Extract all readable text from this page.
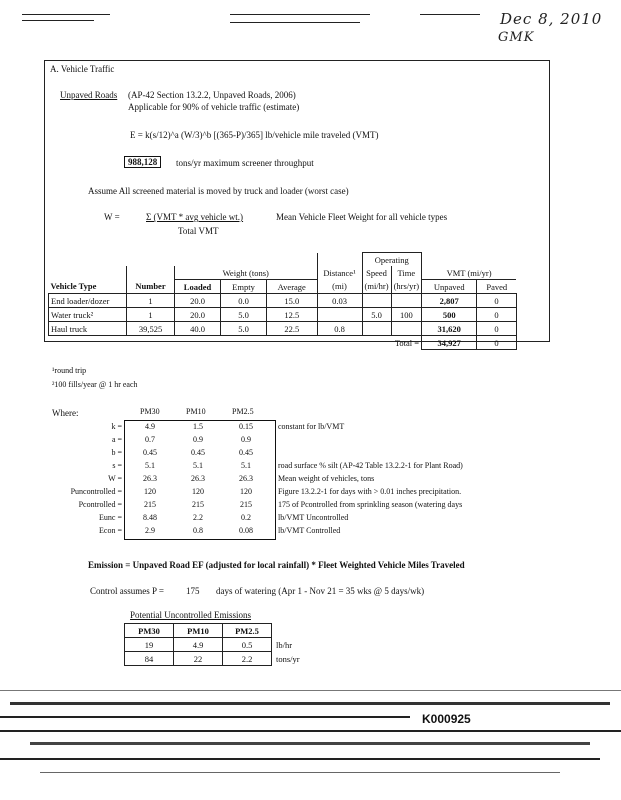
Dec 8, 2010
GMK
A. Vehicle Traffic
Unpaved Roads (AP-42 Section 13.2.2, Unpaved Roads, 2006)
Applicable for 90% of vehicle traffic (estimate)
E = k(s/12)^a (W/3)^b [(365-P)/365] lb/vehicle mile traveled (VMT)
988,128	tons/yr maximum screener throughput
Assume All screened material is moved by truck and loader (worst case)
W =	Σ (VMT * avg vehicle wt.)
Total VMT
Mean Vehicle Fleet Weight for all vehicle types
						Operating			
		Weight (tons)			Distance¹	Speed	Time	VMT (mi/yr)	
Vehicle Type	Number	Loaded	Empty	Average	(mi)	(mi/hr)	(hrs/yr)	Unpaved	Paved
End loader/dozer	1	20.0	0.0	15.0	0.03			2,807	0
Water truck²	1	20.0	5.0	12.5		5.0	100	500	0
Haul truck	39,525	40.0	5.0	22.5	0.8			31,620	0
							Total =	34,927	0
¹round trip
²100 fills/year @ 1 hr each
Where:	PM30	PM10	PM2.5
k =	4.9	1.5	0.15	constant for lb/VMT
a =	0.7	0.9	0.9
b =	0.45	0.45	0.45
s =	5.1	5.1	5.1	road surface % silt (AP-42 Table 13.2.2-1 for Plant Road)
W =	26.3	26.3	26.3	Mean weight of vehicles, tons
Puncontrolled =	120	120	120	Figure 13.2.2-1 for days with > 0.01 inches precipitation.
Pcontrolled =	215	215	215	175 of Pcontrolled from sprinkling season (watering days
Eunc =	8.48	2.2	0.2	lb/VMT Uncontrolled
Econ =	2.9	0.8	0.08	lb/VMT Controlled
Emission = Unpaved Road EF (adjusted for local rainfall) * Fleet Weighted Vehicle Miles Traveled
Control assumes P = 175 days of watering (Apr 1 - Nov 21 = 35 wks @ 5 days/wk)
Potential Uncontrolled Emissions
PM30	PM10	PM2.5	
19	4.9	0.5	lb/hr
84	22	2.2	tons/yr
K000925
